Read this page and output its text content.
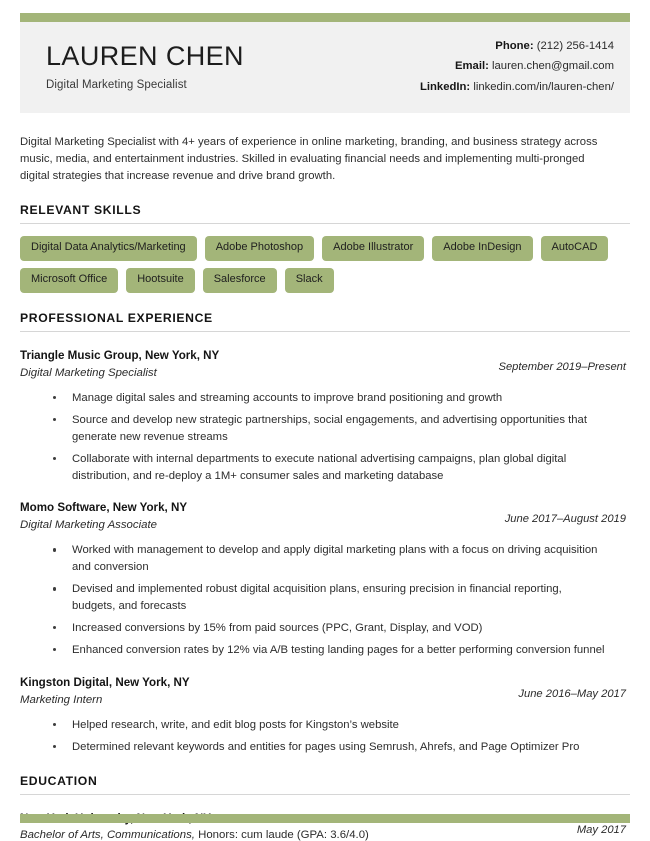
LAUREN CHEN
Digital Marketing Specialist
Phone: (212) 256-1414
Email: lauren.chen@gmail.com
LinkedIn: linkedin.com/in/lauren-chen/
Digital Marketing Specialist with 4+ years of experience in online marketing, branding, and business strategy across music, media, and entertainment industries. Skilled in evaluating financial needs and implementing multi-pronged digital strategies that increase revenue and drive brand growth.
RELEVANT SKILLS
Digital Data Analytics/Marketing	Adobe Photoshop	Adobe Illustrator	Adobe InDesign	AutoCAD
Microsoft Office	Hootsuite	Salesforce	Slack
PROFESSIONAL EXPERIENCE
Triangle Music Group, New York, NY
Digital Marketing Specialist	September 2019–Present
Manage digital sales and streaming accounts to improve brand positioning and growth
Source and develop new strategic partnerships, social engagements, and advertising opportunities that generate new revenue streams
Collaborate with internal departments to execute national advertising campaigns, plan global digital distribution, and re-deploy a 1M+ consumer sales and marketing database
Momo Software, New York, NY
Digital Marketing Associate	June 2017–August 2019
Worked with management to develop and apply digital marketing plans with a focus on driving acquisition and conversion
Devised and implemented robust digital acquisition plans, ensuring precision in financial reporting, budgets, and forecasts
Increased conversions by 15% from paid sources (PPC, Grant, Display, and VOD)
Enhanced conversion rates by 12% via A/B testing landing pages for a better performing conversion funnel
Kingston Digital, New York, NY
Marketing Intern	June 2016–May 2017
Helped research, write, and edit blog posts for Kingston’s website
Determined relevant keywords and entities for pages using Semrush, Ahrefs, and Page Optimizer Pro
EDUCATION
Bachelor of Arts, Communications, Honors: cum laude (GPA: 3.6/4.0)	May 2017
